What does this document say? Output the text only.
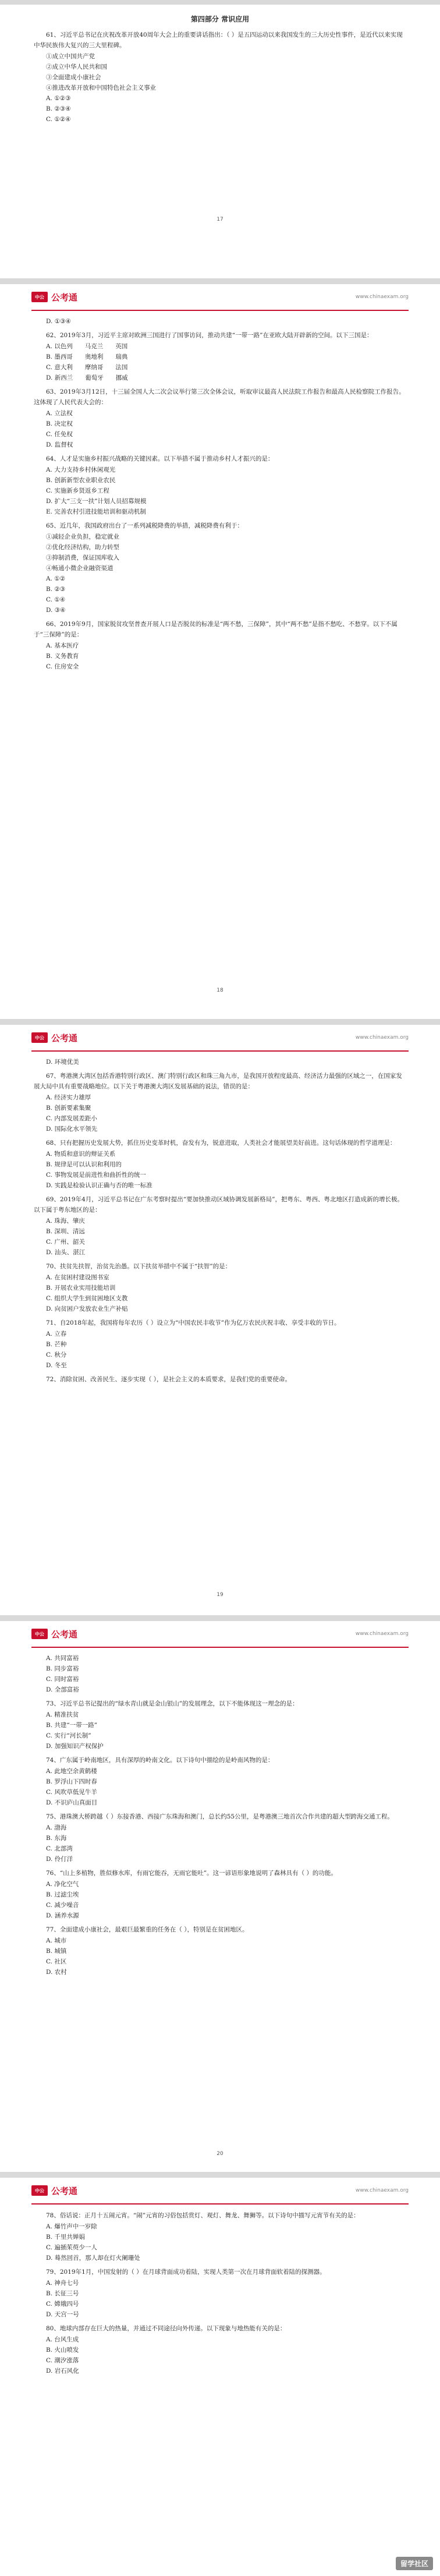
第四部分 常识应用
61、习近平总书记在庆祝改革开放40周年大会上的重要讲话指出：（ ）是五四运动以来我国发生的三大历史性事件，是近代以来实现中华民族伟大复兴的三大里程碑。
①成立中国共产党
②成立中华人民共和国
③全面建成小康社会
④推进改革开放和中国特色社会主义事业
A. ①②③
B. ②③④
C. ①②④
17
中公 公考通	www.chinaexam.org
D. ①③④
62、2019年3月，习近平主席对欧洲三国进行了国事访问，推动共建“一带一路”在亚欧大陆开辟新的空间。以下三国是：
A. 以色列　　马克兰　　英国
B. 墨西哥　　奥地利　　瑞典
C. 意大利　　摩纳哥　　法国
D. 新西兰　　葡萄牙　　挪威
63、2019年3月12日，十三届全国人大二次会议举行第三次全体会议，听取审议最高人民法院工作报告和最高人民检察院工作报告。这体现了人民代表大会的：
A. 立法权
B. 决定权
C. 任免权
D. 监督权
64、人才是实施乡村振兴战略的关键因素。以下举措不属于推动乡村人才振兴的是：
A. 大力支持乡村休闲观光
B. 创新新型农业职业农民
C. 实施新乡贤返乡工程
D. 扩大“三支一扶”计划人员招募规模
E. 完善农村引进技能培训和驱动机制
65、近几年，我国政府出台了一系列减税降费的举措，减税降费有利于：
①减轻企业负担，稳定就业
②优化经济结构，助力转型
③抑制消费，保证国库收入
④畅通小微企业融资渠道
A. ①②
B. ②③
C. ①④
D. ③④
66、2019年9月，国家脱贫攻坚普查开展人口是否脱贫的标准是“两不愁，三保障”，其中“两不愁”是指不愁吃、不愁穿。以下不属于“三保障”的是：
A. 基本医疗
B. 义务教育
C. 住房安全
18
中公 公考通	www.chinaexam.org
D. 环境优美
67、粤港澳大湾区包括香港特别行政区、澳门特别行政区和珠三角九市，是我国开放程度最高、经济活力最强的区域之一，在国家发展大局中具有重要战略地位。以下关于粤港澳大湾区发展基础的说法，错误的是：
A. 经济实力雄厚
B. 创新要素集聚
C. 内部发展差距小
D. 国际化水平领先
68、只有把握历史发展大势，抓住历史变革时机，奋发有为，锐意进取，人类社会才能展望美好前进。这句话体现的哲学道理是：
A. 物质和意识的辩证关系
B. 规律是可以认识和利用的
C. 事物发展是前进性和曲折性的统一
D. 实践是检验认识正确与否的唯一标准
69、2019年4月，习近平总书记在广东考察时提出“要加快推动区域协调发展新格局”，把粤东、粤西、粤北地区打造成新的增长极。以下属于粤东地区的是：
A. 珠海、肇庆
B. 深圳、清远
C. 广州、韶关
D. 汕头、湛江
70、扶贫先扶智，治贫先治愚。以下扶贫举措中不属于“扶智”的是：
A. 在贫困村建设图书室
B. 开展农业实用技能培训
C. 组织大学生到贫困地区支教
D. 向贫困户发放农业生产补贴
71、自2018年起，我国将每年农历（ ）设立为“中国农民丰收节”作为亿万农民庆祝丰收、享受丰收的节日。
A. 立春
B. 芒种
C. 秋分
D. 冬至
72、消除贫困、改善民生、逐步实现（ ），是社会主义的本质要求，是我们党的重要使命。
19
中公 公考通	www.chinaexam.org
A. 共同富裕
B. 同步富裕
C. 同时富裕
D. 全部富裕
73、习近平总书记提出的“绿水青山就是金山银山”的发展理念，以下不能体现这一理念的是：
A. 精准扶贫
B. 共建“一带一路”
C. 实行“河长制”
D. 加强知识产权保护
74、广东属于岭南地区，具有深厚的岭南文化。以下诗句中描绘的是岭南风物的是：
A. 此地空余黄鹤楼
B. 罗浮山下四时春
C. 风吹草低见牛羊
D. 不识庐山真面目
75、港珠澳大桥跨越（ ）东接香港、西接广东珠海和澳门，总长约55公里，是粤港澳三地首次合作共建的超大型跨海交通工程。
A. 渤海
B. 东海
C. 北部湾
D. 伶仃洋
76、“山上多植物，胜似修水库，有雨它能吞，无雨它能吐”。这一谚语形象地说明了森林具有（ ）的功能。
A. 净化空气
B. 过滤尘埃
C. 减少噪音
D. 涵养水源
77、全面建成小康社会，最艰巨最繁重的任务在（ ），特别是在贫困地区。
A. 城市
B. 城镇
C. 社区
D. 农村
20
中公 公考通	www.chinaexam.org
78、俗话说：正月十五闹元宵。“闹”元宵的习俗包括赏灯、观灯、舞龙、舞狮等。以下诗句中描写元宵节有关的是：
A. 爆竹声中一岁除
B. 千里共婵娟
C. 遍插茱萸少一人
D. 蓦然回首，那人却在灯火阑珊处
79、2019年1月，中国发射的（ ）在月球背面成功着陆，实现人类第一次在月球背面软着陆的探测器。
A. 神舟七号
B. 长征三号
C. 嫦娥四号
D. 天宫一号
80、地球内部存在巨大的热量，并通过不同途径向外传递。以下现象与地热能有关的是：
A. 台风生成
B. 火山喷发
C. 潮汐涨落
D. 岩石风化
留学社区
